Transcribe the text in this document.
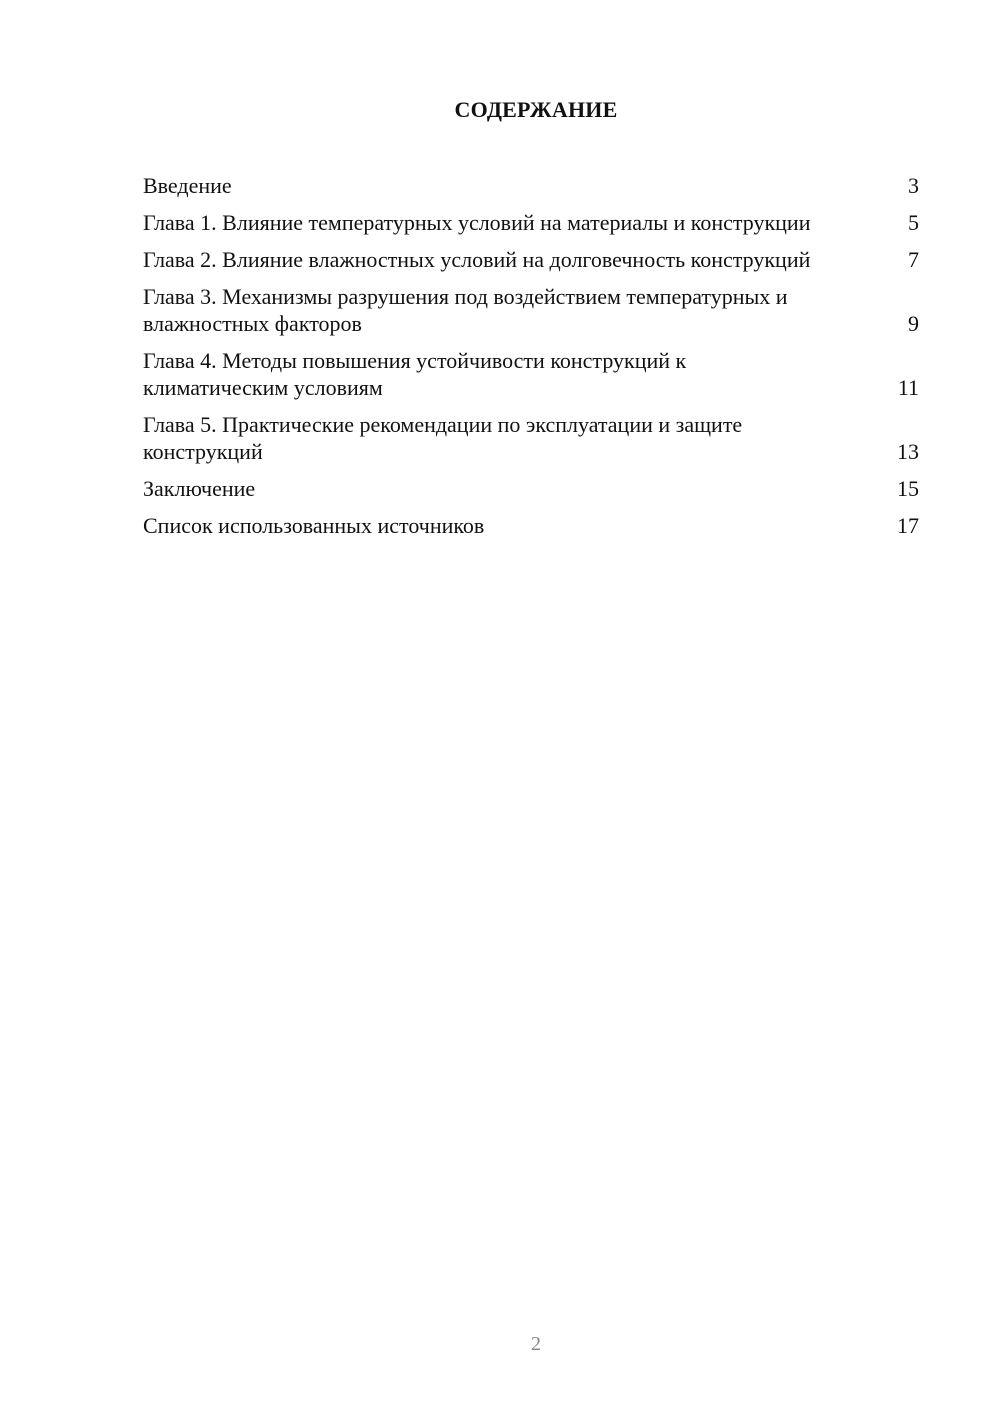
СОДЕРЖАНИЕ
Введение	3
Глава 1. Влияние температурных условий на материалы и конструкции	5
Глава 2. Влияние влажностных условий на долговечность конструкций	7
Глава 3. Механизмы разрушения под воздействием температурных и влажностных факторов	9
Глава 4. Методы повышения устойчивости конструкций к климатическим условиям	11
Глава 5. Практические рекомендации по эксплуатации и защите конструкций	13
Заключение	15
Список использованных источников	17
2
